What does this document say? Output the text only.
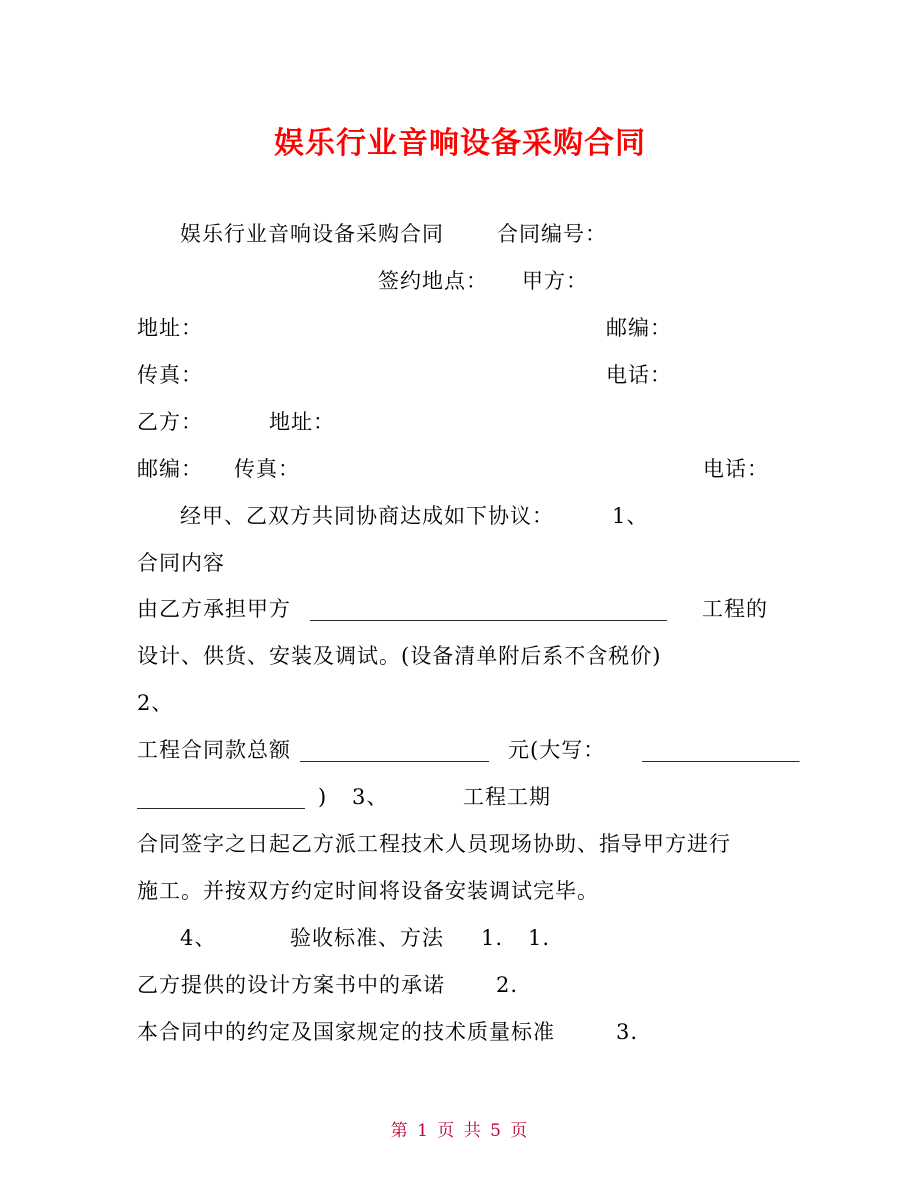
娱乐行业音响设备采购合同
娱乐行业音响设备采购合同	合同编号：
签约地点： 甲方：
地址：	邮编：
传真：	电话：
乙方：	地址：
邮编： 传真：	电话：
经甲、乙双方共同协商达成如下协议：	1、
合同内容
由乙方承担甲方 __________________________________ 工程的
设计、供货、安装及调试。(设备清单附后系不含税价)
2、
工程合同款总额 __________________ 元(大写： _______________
________________ ) 3、	工程工期
合同签字之日起乙方派工程技术人员现场协助、指导甲方进行
施工。并按双方约定时间将设备安装调试完毕。
4、	验收标准、方法 1. 1.
乙方提供的设计方案书中的承诺 2.
本合同中的约定及国家规定的技术质量标准	3.
第 1 页 共 5 页
